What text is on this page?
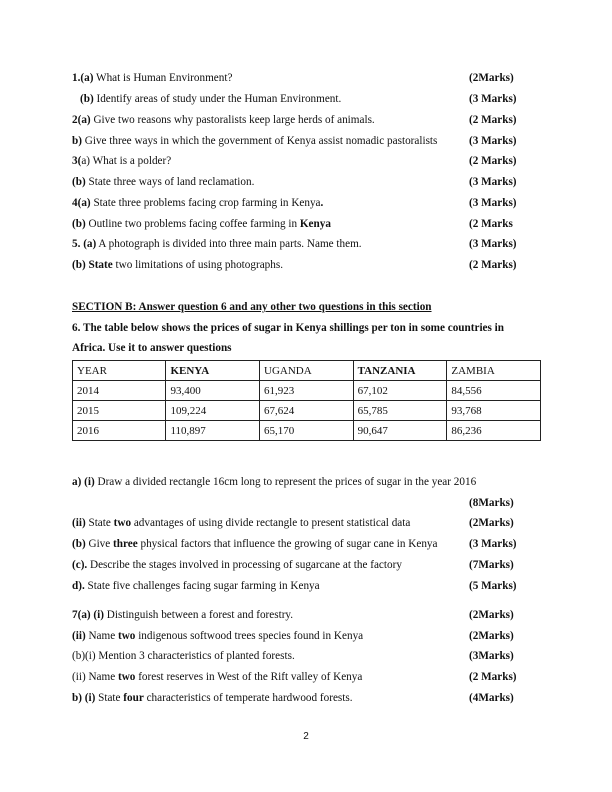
SECTION B: Answer question 6 and any other two questions in this section
6. The table below shows the prices of sugar in Kenya shillings per ton in some countries in
Africa. Use it to answer questions
YEAR	KENYA	UGANDA	TANZANIA	ZAMBIA
2014	93,400	61,923	67,102	84,556
2015	109,224	67,624	65,785	93,768
2016	110,897	65,170	90,647	86,236
2
1.(a) What is Human Environment?	(2Marks)
(b) Identify areas of study under the Human Environment.	(3 Marks)
2(a) Give two reasons why pastoralists keep large herds of animals.	(2 Marks)
b) Give three ways in which the government of Kenya assist nomadic pastoralists	(3 Marks)
3(a) What is a polder?	(2 Marks)
(b) State three ways of land reclamation.	(3 Marks)
4(a) State three problems facing crop farming in Kenya.	(3 Marks)
(b) Outline two problems facing coffee farming in Kenya	(2 Marks
5. (a) A photograph is divided into three main parts. Name them.	(3 Marks)
(b) State two limitations of using photographs.	(2 Marks)
a) (i) Draw a divided rectangle 16cm long to represent the prices of sugar in the year 2016
(8Marks)
(ii) State two advantages of using divide rectangle to present statistical data	(2Marks)
(b) Give three physical factors that influence the growing of sugar cane in Kenya	(3 Marks)
(c). Describe the stages involved in processing of sugarcane at the factory	(7Marks)
d). State five challenges facing sugar farming in Kenya	(5 Marks)
7(a) (i) Distinguish between a forest and forestry.	(2Marks)
(ii) Name two indigenous softwood trees species found in Kenya	(2Marks)
(b)(i) Mention 3 characteristics of planted forests.	(3Marks)
(ii) Name two forest reserves in West of the Rift valley of Kenya	(2 Marks)
b) (i) State four characteristics of temperate hardwood forests.	(4Marks)
